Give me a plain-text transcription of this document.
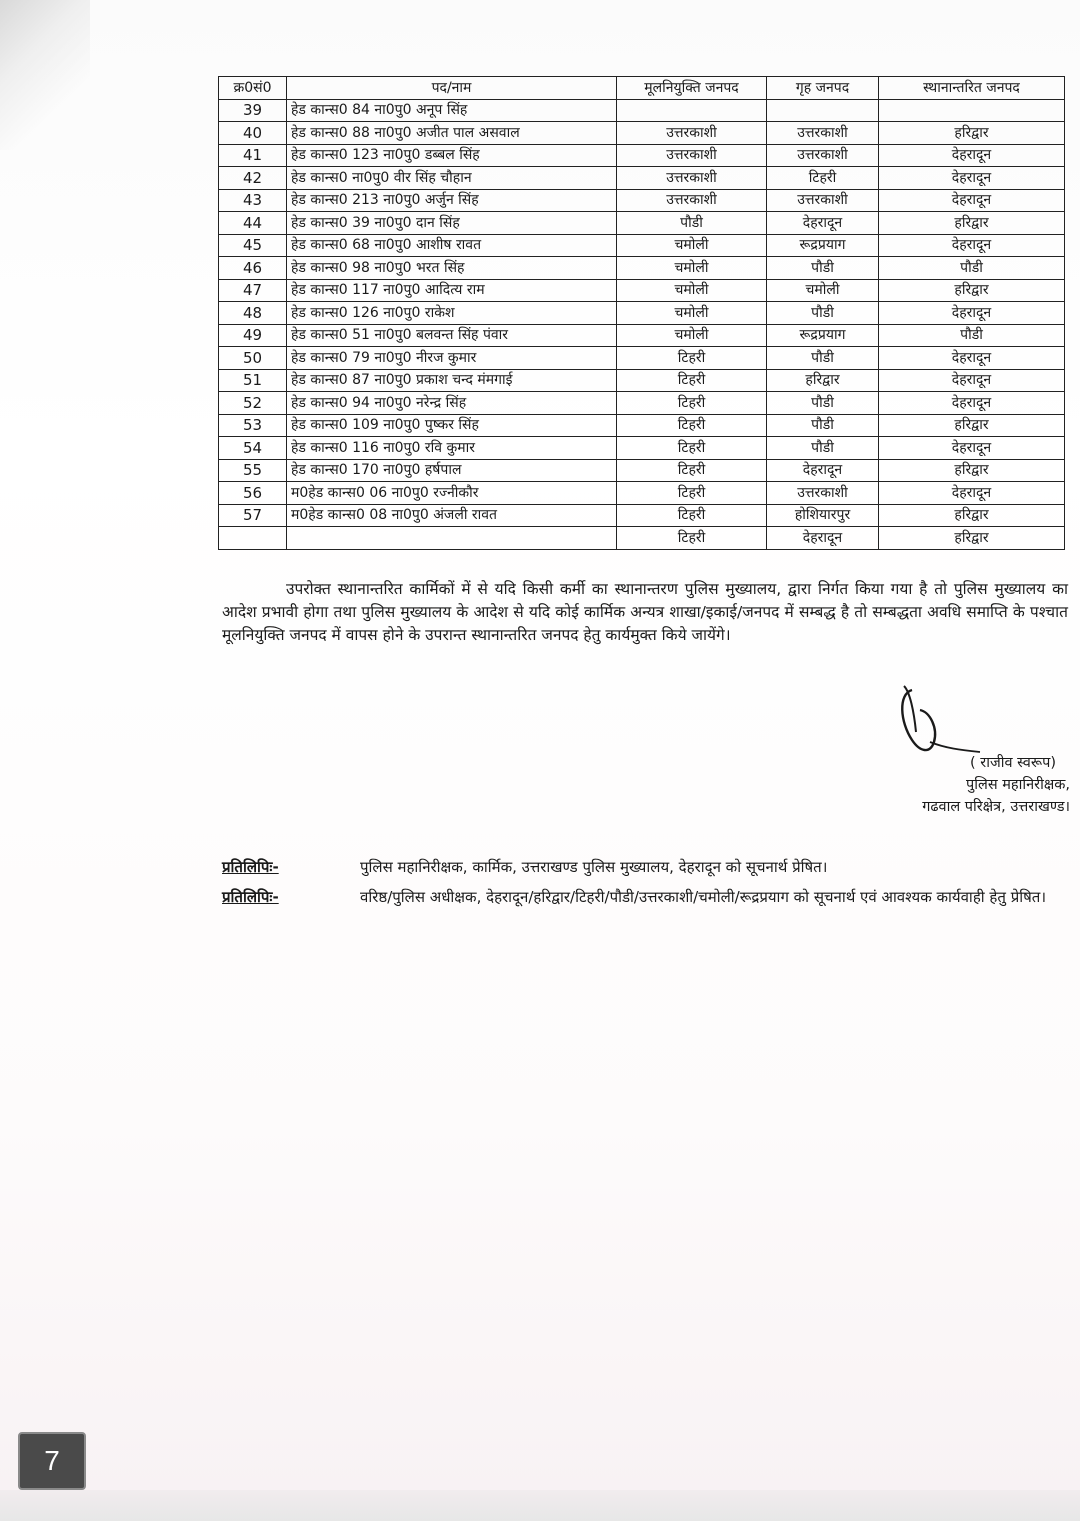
क्र0सं0	पद/नाम	मूलनियुक्ति जनपद	गृह जनपद	स्थानान्तरित जनपद
39	हेड कान्स0 84 ना0पु0 अनूप सिंह			
40	हेड कान्स0 88 ना0पु0 अजीत पाल असवाल	उत्तरकाशी	उत्तरकाशी	हरिद्वार
41	हेड कान्स0 123 ना0पु0 डब्बल सिंह	उत्तरकाशी	उत्तरकाशी	देहरादून
42	हेड कान्स0 ना0पु0 वीर सिंह चौहान	उत्तरकाशी	टिहरी	देहरादून
43	हेड कान्स0 213 ना0पु0 अर्जुन सिंह	उत्तरकाशी	उत्तरकाशी	देहरादून
44	हेड कान्स0 39 ना0पु0 दान सिंह	पौडी	देहरादून	हरिद्वार
45	हेड कान्स0 68 ना0पु0 आशीष रावत	चमोली	रूद्रप्रयाग	देहरादून
46	हेड कान्स0 98 ना0पु0 भरत सिंह	चमोली	पौडी	पौडी
47	हेड कान्स0 117 ना0पु0 आदित्य राम	चमोली	चमोली	हरिद्वार
48	हेड कान्स0 126 ना0पु0 राकेश	चमोली	पौडी	देहरादून
49	हेड कान्स0 51 ना0पु0 बलवन्त सिंह पंवार	चमोली	रूद्रप्रयाग	पौडी
50	हेड कान्स0 79 ना0पु0 नीरज कुमार	टिहरी	पौडी	देहरादून
51	हेड कान्स0 87 ना0पु0 प्रकाश चन्द मंमगाई	टिहरी	हरिद्वार	देहरादून
52	हेड कान्स0 94 ना0पु0 नरेन्द्र सिंह	टिहरी	पौडी	देहरादून
53	हेड कान्स0 109 ना0पु0 पुष्कर सिंह	टिहरी	पौडी	हरिद्वार
54	हेड कान्स0 116 ना0पु0 रवि कुमार	टिहरी	पौडी	देहरादून
55	हेड कान्स0 170 ना0पु0 हर्षपाल	टिहरी	देहरादून	हरिद्वार
56	म0हेड कान्स0 06 ना0पु0 रज्नीकौर	टिहरी	उत्तरकाशी	देहरादून
57	म0हेड कान्स0 08 ना0पु0 अंजली रावत	टिहरी	होशियारपुर	हरिद्वार
		टिहरी	देहरादून	हरिद्वार
उपरोक्त स्थानान्तरित कार्मिकों में से यदि किसी कर्मी का स्थानान्तरण पुलिस मुख्यालय, द्वारा निर्गत किया गया है तो पुलिस मुख्यालय का आदेश प्रभावी होगा तथा पुलिस मुख्यालय के आदेश से यदि कोई कार्मिक अन्यत्र शाखा/इकाई/जनपद में सम्बद्ध है तो सम्बद्धता अवधि समाप्ति के पश्चात मूलनियुक्ति जनपद में वापस होने के उपरान्त स्थानान्तरित जनपद हेतु कार्यमुक्त किये जायेंगे।
( राजीव स्वरूप)
पुलिस महानिरीक्षक,
गढवाल परिक्षेत्र, उत्तराखण्ड।
प्रतिलिपिः-	पुलिस महानिरीक्षक, कार्मिक, उत्तराखण्ड पुलिस मुख्यालय, देहरादून को सूचनार्थ प्रेषित।
प्रतिलिपिः-	वरिष्ठ/पुलिस अधीक्षक, देहरादून/हरिद्वार/टिहरी/पौडी/उत्तरकाशी/चमोली/रूद्रप्रयाग को सूचनार्थ एवं आवश्यक कार्यवाही हेतु प्रेषित।
7
